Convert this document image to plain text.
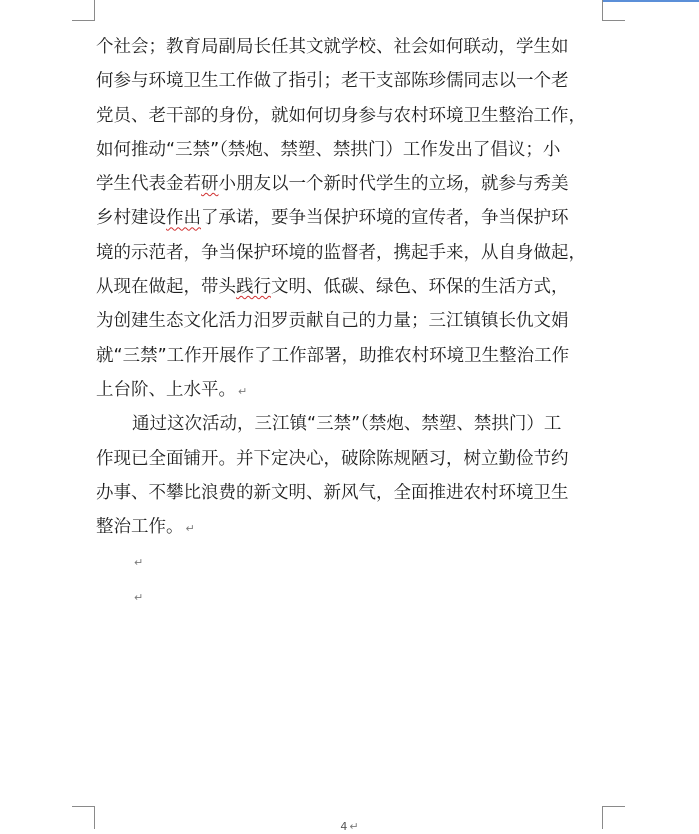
个社会；教育局副局长任其文就学校、社会如何联动，学生如
何参与环境卫生工作做了指引；老干支部陈珍儒同志以一个老
党员、老干部的身份，就如何切身参与农村环境卫生整治工作，
如何推动“三禁”（禁炮、禁塑、禁拱门）工作发出了倡议；小
学生代表金若研小朋友以一个新时代学生的立场，就参与秀美
乡村建设作出了承诺，要争当保护环境的宣传者，争当保护环
境的示范者，争当保护环境的监督者，携起手来，从自身做起，
从现在做起，带头践行文明、低碳、绿色、环保的生活方式，
为创建生态文化活力汨罗贡献自己的力量；三江镇镇长仇文娟
就“三禁”工作开展作了工作部署，助推农村环境卫生整治工作
上台阶、上水平。 ↵
通过这次活动，三江镇“三禁”（禁炮、禁塑、禁拱门）工
作现已全面铺开。并下定决心，破除陈规陋习，树立勤俭节约
办事、不攀比浪费的新文明、新风气，全面推进农村环境卫生
整治工作。 ↵
↵
↵
4 ↵
